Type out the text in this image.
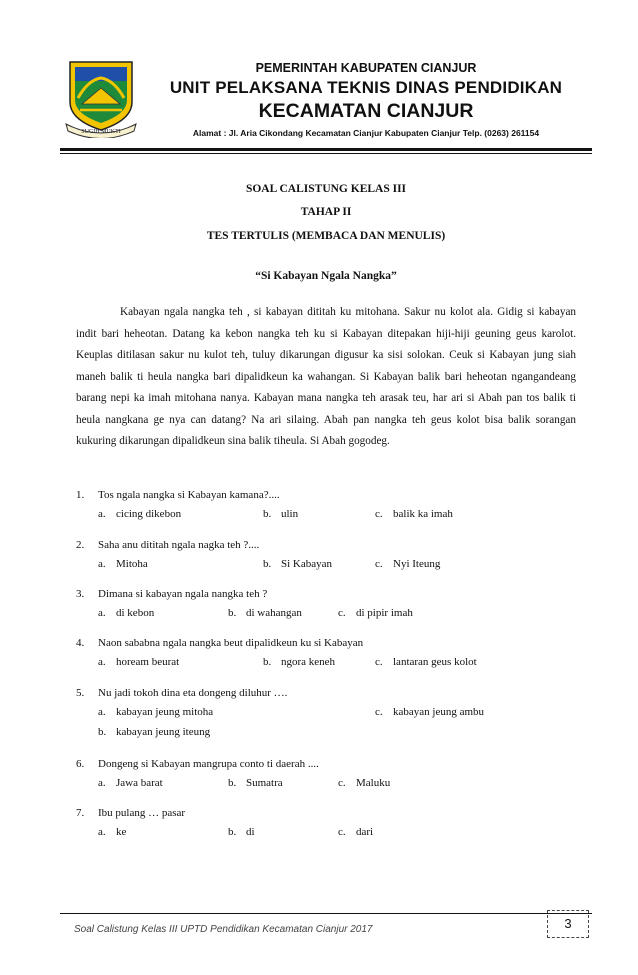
SUGIH MUKTI
PEMERINTAH KABUPATEN CIANJUR
UNIT PELAKSANA TEKNIS DINAS PENDIDIKAN
KECAMATAN CIANJUR
Alamat : Jl. Aria Cikondang Kecamatan Cianjur Kabupaten Cianjur Telp. (0263) 261154
SOAL CALISTUNG KELAS III
TAHAP II
TES TERTULIS (MEMBACA DAN MENULIS)
“Si Kabayan Ngala Nangka”

Kabayan ngala nangka teh , si kabayan dititah ku mitohana. Sakur nu kolot ala. Gidig si kabayan indit bari heheotan. Datang ka kebon nangka teh ku si Kabayan ditepakan hiji-hiji geuning geus karolot. Keuplas ditilasan sakur nu kulot teh, tuluy dikarungan digusur ka sisi solokan. Ceuk si Kabayan jung siah maneh balik ti heula nangka bari dipalidkeun ka wahangan. Si Kabayan balik bari heheotan ngangandeang barang nepi ka imah mitohana nanya. Kabayan mana nangka teh arasak teu, har ari si Abah pan tos balik ti heula nangkana ge nya can datang? Na ari silaing. Abah pan nangka teh geus kolot bisa balik sorangan kukuring dikarungan dipalidkeun sina balik tiheula. Si Abah gogodeg.

1. Tos ngala nangka si Kabayan kamana?....
a. cicing dikebon	b. ulin	c. balik ka imah
2. Saha anu dititah ngala nagka teh ?....
a. Mitoha	b. Si Kabayan	c. Nyi Iteung
3. Dimana si kabayan ngala nangka teh ?
a. di kebon	b. di wahangan	c. di pipir imah
4. Naon sababna ngala nangka beut dipalidkeun ku si Kabayan
a. hoream beurat	b. ngora keneh	c. lantaran geus kolot
5. Nu jadi tokoh dina eta dongeng diluhur ….
a. kabayan jeung mitoha	c. kabayan jeung ambu
b. kabayan jeung iteung
6. Dongeng si Kabayan mangrupa conto ti daerah ....
a. Jawa barat	b. Sumatra	c. Maluku
7. Ibu pulang … pasar
a. ke	b. di	c. dari
Soal Calistung Kelas III UPTD Pendidikan Kecamatan Cianjur 2017	3
